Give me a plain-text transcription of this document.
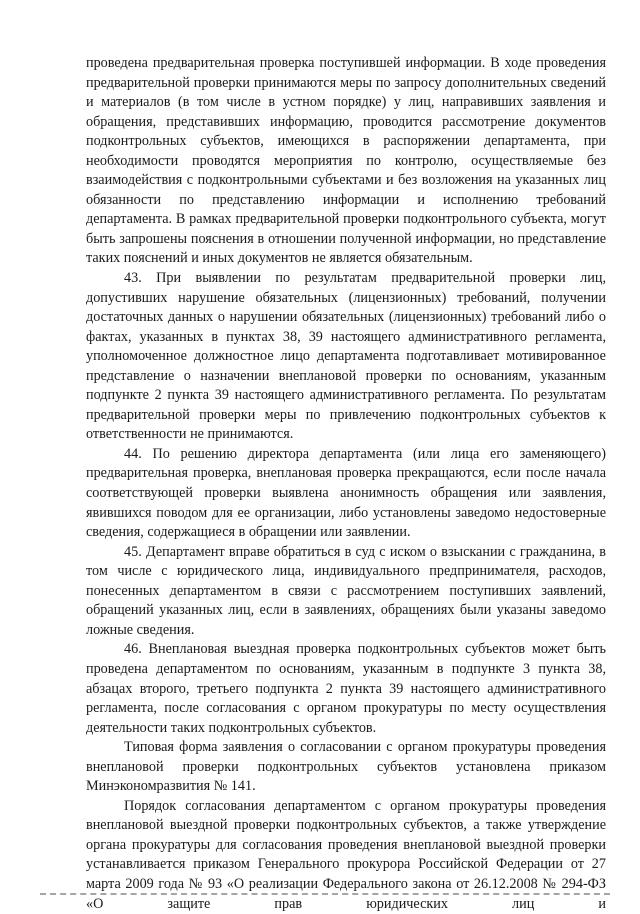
проведена предварительная проверка поступившей информации. В ходе проведения предварительной проверки принимаются меры по запросу дополнительных сведений и материалов (в том числе в устном порядке) у лиц, направивших заявления и обращения, представивших информацию, проводится рассмотрение документов подконтрольных субъектов, имеющихся в распоряжении департамента, при необходимости проводятся мероприятия по контролю, осуществляемые без взаимодействия с подконтрольными субъектами и без возложения на указанных лиц обязанности по представлению информации и исполнению требований департамента. В рамках предварительной проверки подконтрольного субъекта, могут быть запрошены пояснения в отношении полученной информации, но представление таких пояснений и иных документов не является обязательным.

43. При выявлении по результатам предварительной проверки лиц, допустивших нарушение обязательных (лицензионных) требований, получении достаточных данных о нарушении обязательных (лицензионных) требований либо о фактах, указанных в пунктах 38, 39 настоящего административного регламента, уполномоченное должностное лицо департамента подготавливает мотивированное представление о назначении внеплановой проверки по основаниям, указанным подпункте 2 пункта 39 настоящего административного регламента. По результатам предварительной проверки меры по привлечению подконтрольных субъектов к ответственности не принимаются.

44. По решению директора департамента (или лица его заменяющего) предварительная проверка, внеплановая проверка прекращаются, если после начала соответствующей проверки выявлена анонимность обращения или заявления, явившихся поводом для ее организации, либо установлены заведомо недостоверные сведения, содержащиеся в обращении или заявлении.

45. Департамент вправе обратиться в суд с иском о взыскании с гражданина, в том числе с юридического лица, индивидуального предпринимателя, расходов, понесенных департаментом в связи с рассмотрением поступивших заявлений, обращений указанных лиц, если в заявлениях, обращениях были указаны заведомо ложные сведения.

46. Внеплановая выездная проверка подконтрольных субъектов может быть проведена департаментом по основаниям, указанным в подпункте 3 пункта 38, абзацах второго, третьего подпункта 2 пункта 39 настоящего административного регламента, после согласования с органом прокуратуры по месту осуществления деятельности таких подконтрольных субъектов.

Типовая форма заявления о согласовании с органом прокуратуры проведения внеплановой проверки подконтрольных субъектов установлена приказом Минэкономразвития № 141.

Порядок согласования департаментом с органом прокуратуры проведения внеплановой выездной проверки подконтрольных субъектов, а также утверждение органа прокуратуры для согласования проведения внеплановой выездной проверки устанавливается приказом Генерального прокурора Российской Федерации от 27 марта 2009 года № 93 «О реализации Федерального закона от 26.12.2008 № 294-ФЗ «О защите прав юридических лиц и
